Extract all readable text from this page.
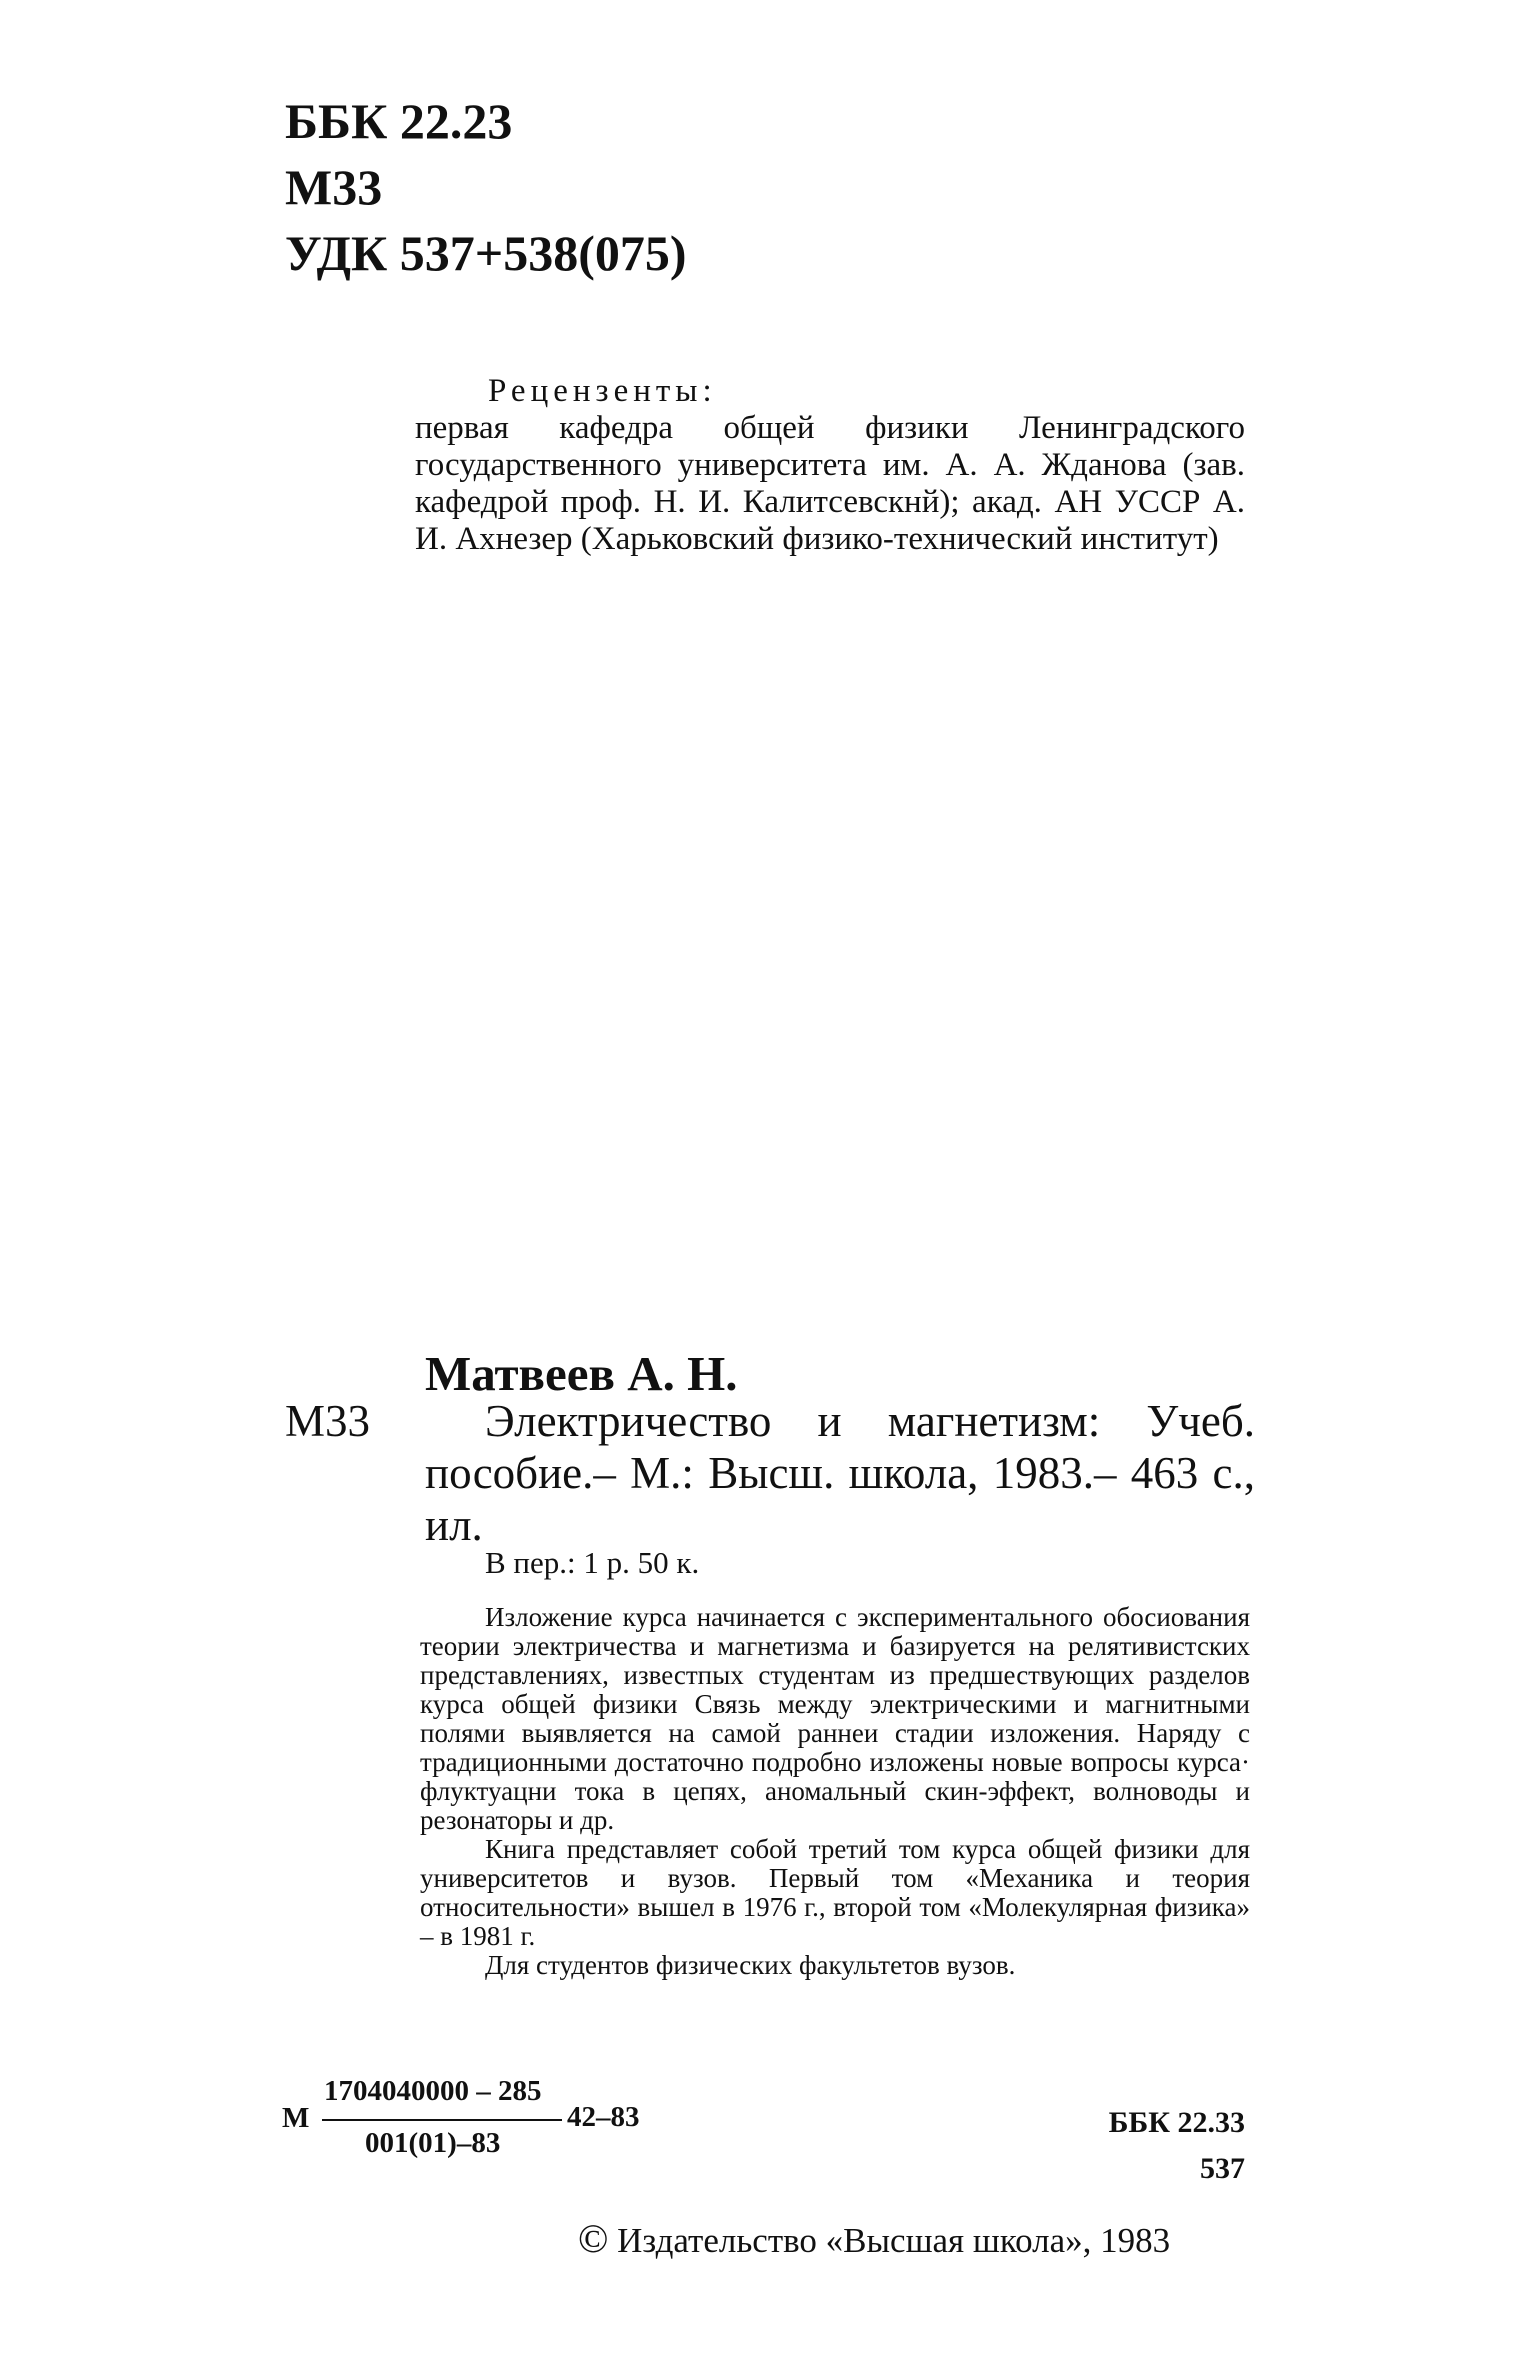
ББК 22.23
М33
УДК 537+538(075)
Рецензенты:
первая кафедра общей физики Ленинградского государственного университета им. А. А. Жданова (зав. кафедрой проф. Н. И. Калитсевскнй); акад. АН УССР А. И. Ахнезер (Харьковский физико-технический институт)
Матвеев А. Н.
М33	Электричество и магнетизм: Учеб. пособие.– М.: Высш. школа, 1983.– 463 с., ил.
В пер.: 1 р. 50 к.

Изложение курса начинается с экспериментального обосиования теории электричества и магнетизма и базируется на релятивистских представлениях, известпых студентам из предшествующих разделов курса общей физики Связь между электрическими и магнитными полями выявляется на самой раннеи стадии изложения. Наряду с традиционными достаточно подробно изложены новые вопросы курса· флуктуацни тока в цепях, аномальный скин-эффект, волноводы и резонаторы и др.

Книга представляет собой третий том курса общей физики для университетов и вузов. Первый том «Механика и теория относительности» вышел в 1976 г., второй том «Молекулярная физика» – в 1981 г.

Для студентов физических факультетов вузов.

М
1704040000 – 285
001(01)–83
42–83	ББК 22.33
537
© Издательство «Высшая школа», 1983
